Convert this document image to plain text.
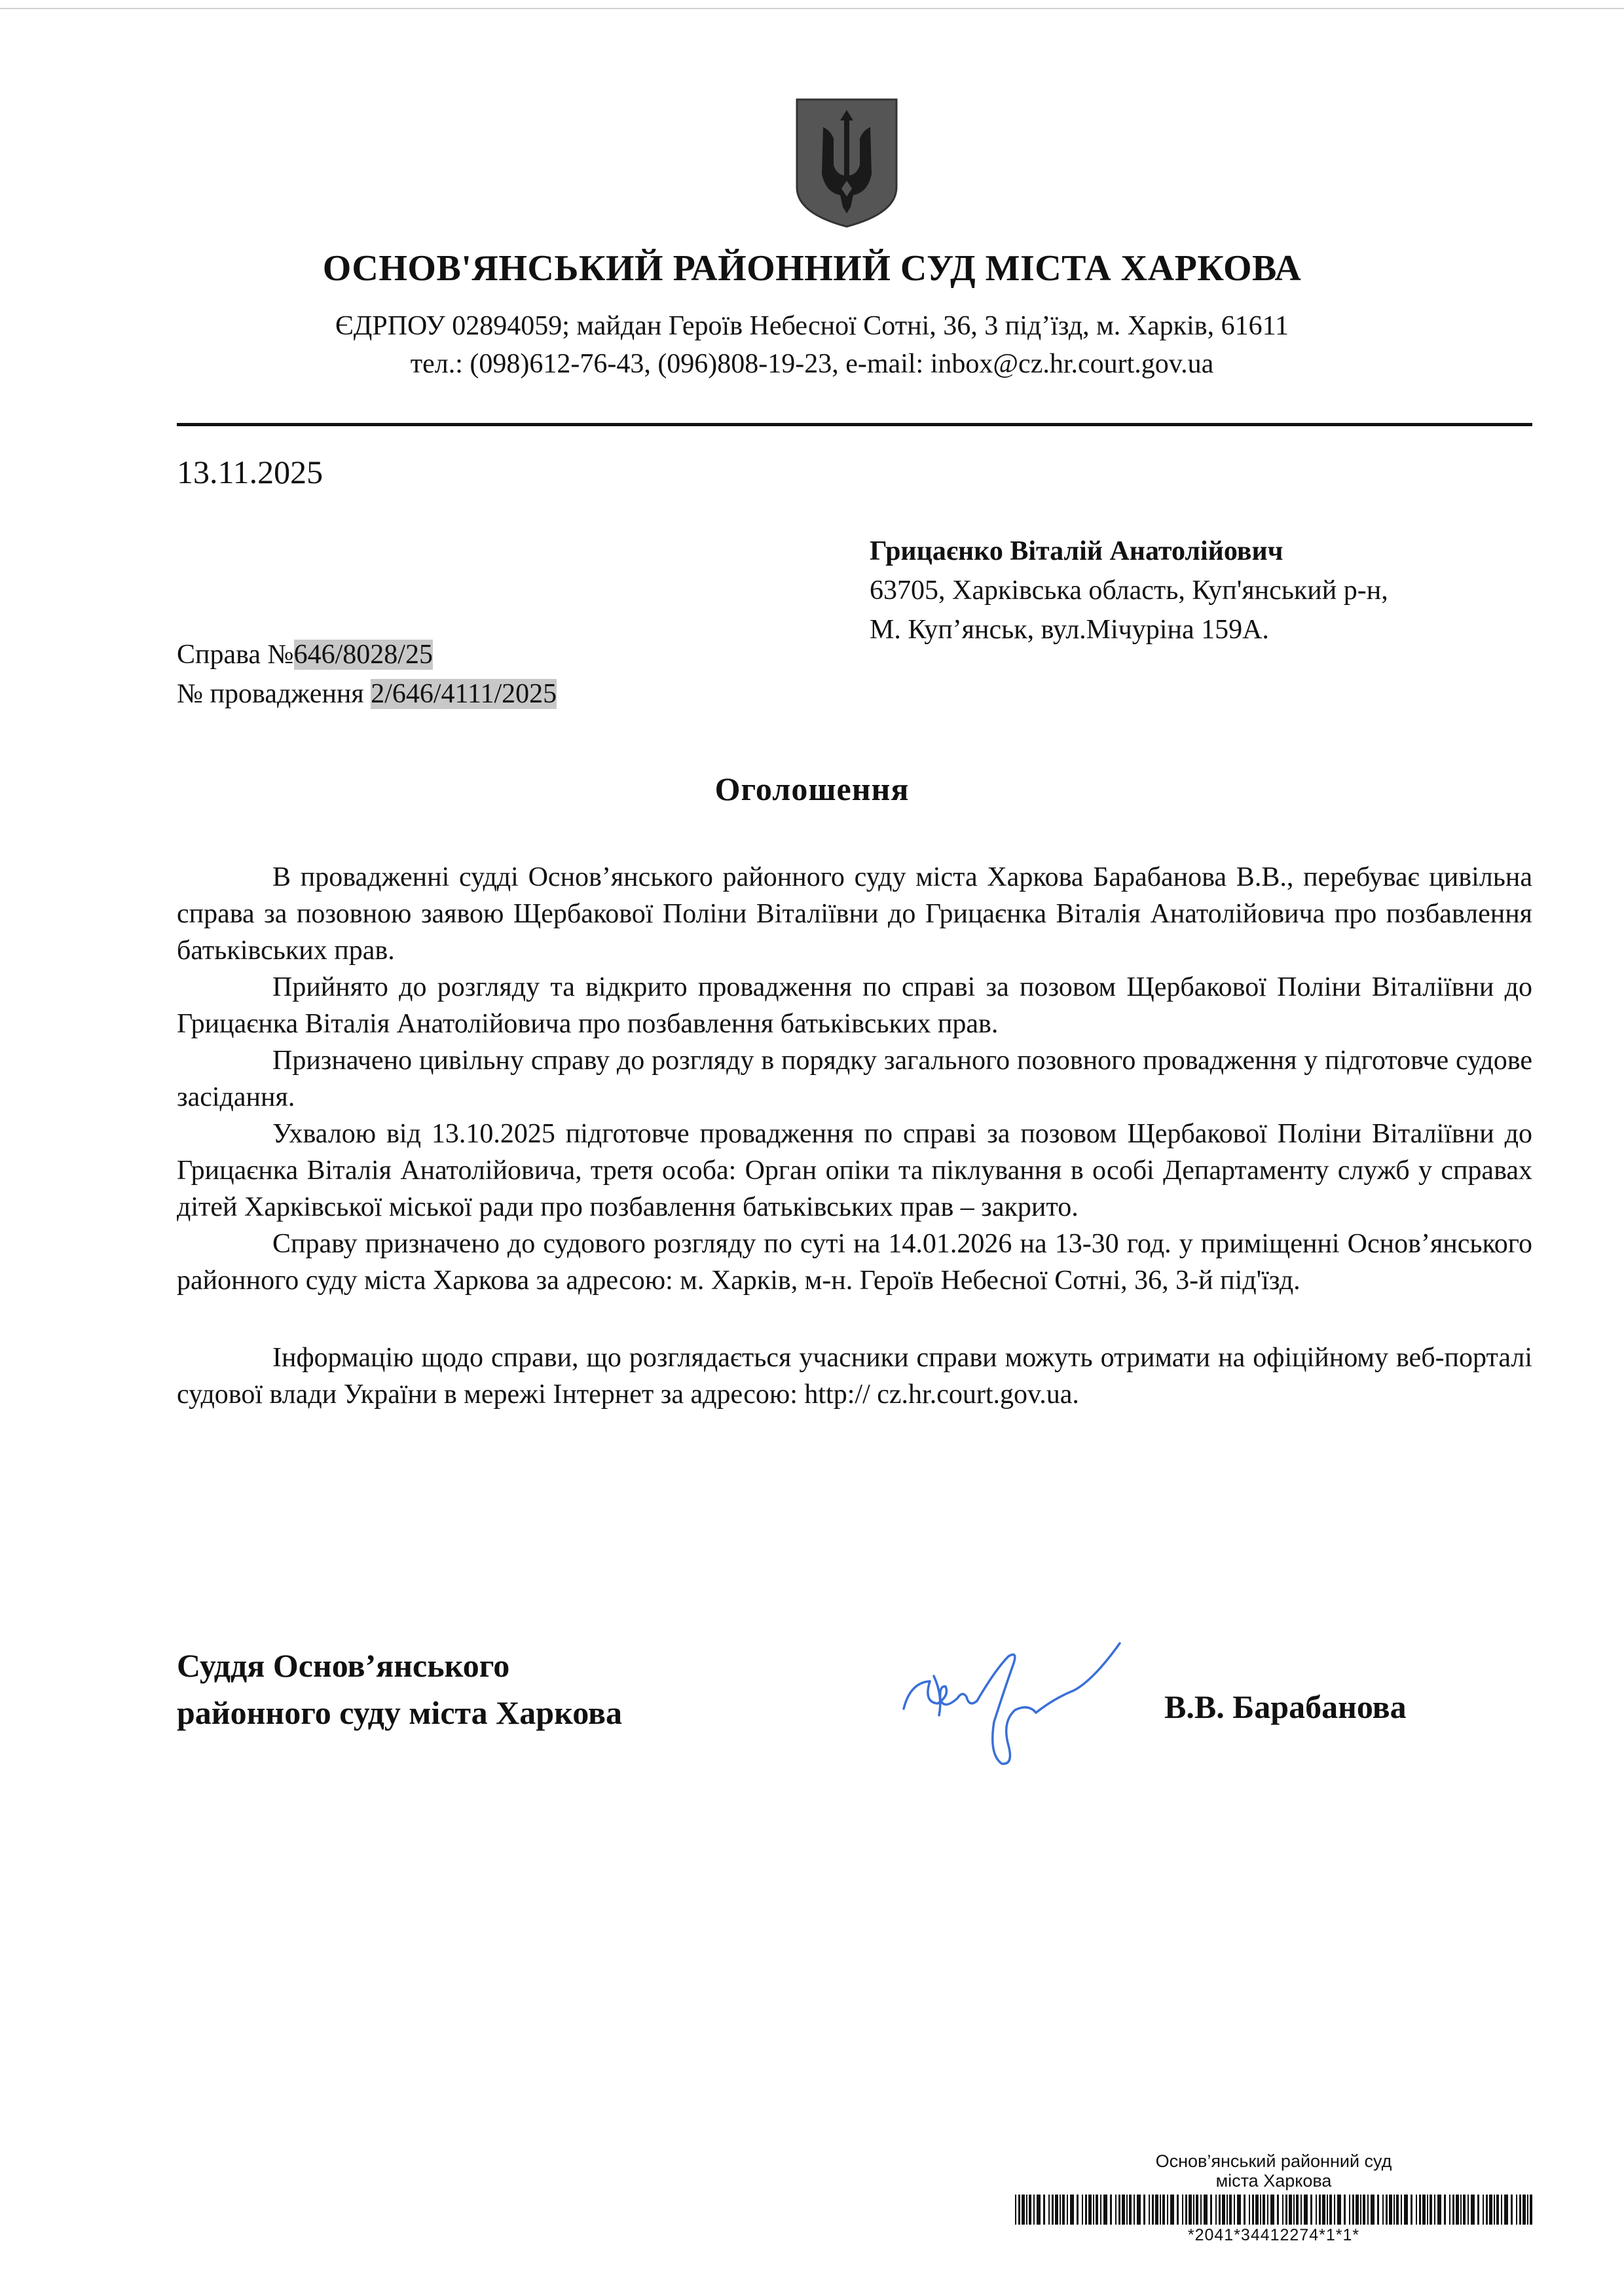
ОСНОВ'ЯНСЬКИЙ РАЙОННИЙ СУД МІСТА ХАРКОВА
ЄДРПОУ 02894059; майдан Героїв Небесної Сотні, 36, 3 під’їзд, м. Харків, 61611
тел.: (098)612-76-43, (096)808-19-23, e-mail: inbox@cz.hr.court.gov.ua
13.11.2025
Грицаєнко Віталій Анатолійович
63705, Харківська область, Куп'янський р-н,
М. Куп’янськ, вул.Мічуріна 159А.
Справа №646/8028/25
№ провадження 2/646/4111/2025
Оголошення

В провадженні судді Основ’янського районного суду міста Харкова Барабанова В.В., перебуває цивільна справа за позовною заявою Щербакової Поліни Віталіївни до Грицаєнка Віталія Анатолійовича про позбавлення батьківських прав.

Прийнято до розгляду та відкрито провадження по справі за позовом Щербакової Поліни Віталіївни до Грицаєнка Віталія Анатолійовича про позбавлення батьківських прав.

Призначено цивільну справу до розгляду в порядку загального позовного провадження у підготовче судове засідання.

Ухвалою від 13.10.2025 підготовче провадження по справі за позовом Щербакової Поліни Віталіївни до Грицаєнка Віталія Анатолійовича, третя особа: Орган опіки та піклування в особі Департаменту служб у справах дітей Харківської міської ради про позбавлення батьківських прав – закрито.

Справу призначено до судового розгляду по суті на 14.01.2026 на 13-30 год. у приміщенні Основ’янського районного суду міста Харкова за адресою: м. Харків, м-н. Героїв Небесної Сотні, 36, 3-й під'їзд.

Інформацію щодо справи, що розглядається учасники справи можуть отримати на офіційному веб-порталі судової влади України в мережі Інтернет за адресою: http:// cz.hr.court.gov.ua.

Суддя Основ’янського
районного суду міста Харкова	В.В. Барабанова
Основ’янський районний суд
міста Харкова
*2041*34412274*1*1*
